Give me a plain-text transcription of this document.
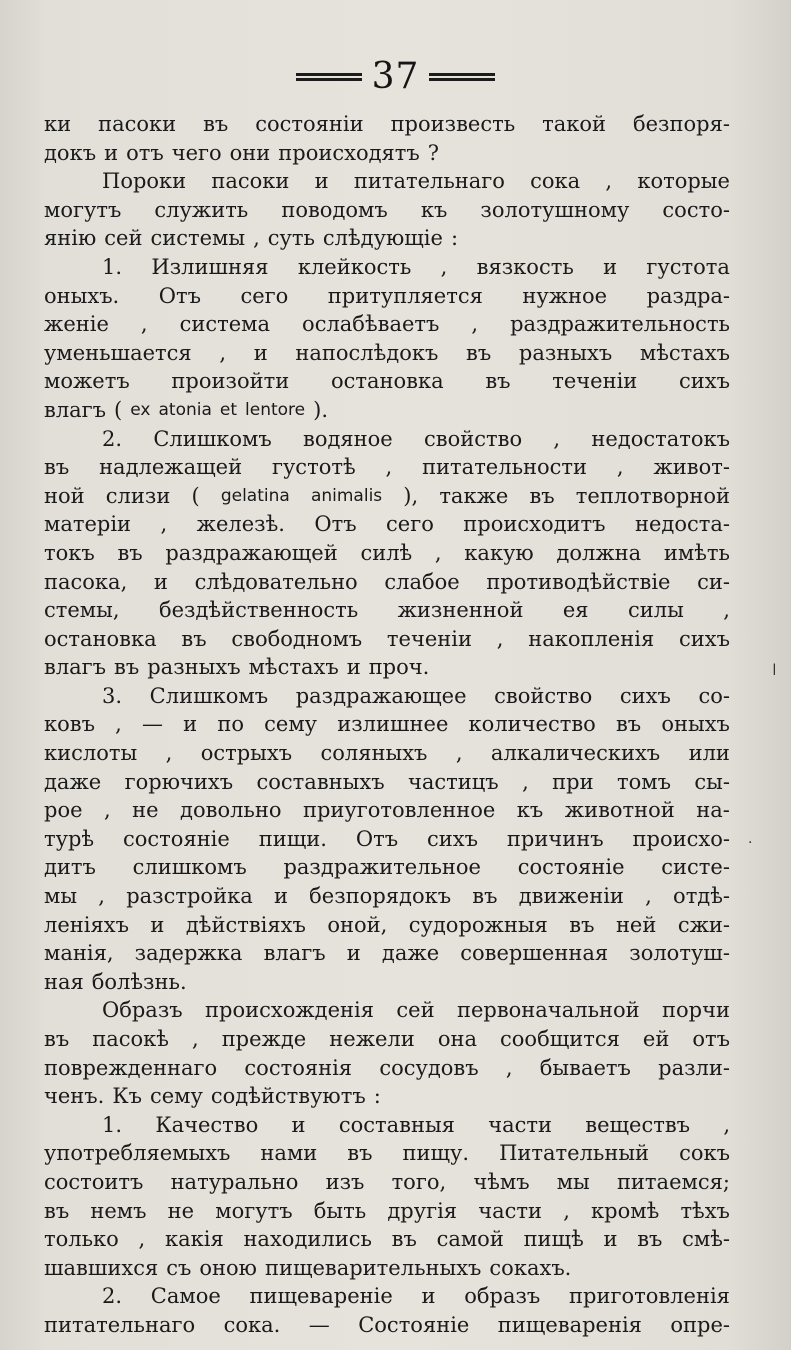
37
ки пасоки въ состоянiи произвесть такой безпоря-
докъ и отъ чего они происходятъ ?
Пороки пасоки и питательнаго сока , которые
могутъ служить поводомъ къ золотушному состо-
янiю сей системы , суть слѣдующiе :
1. Излишняя клейкость , вязкость и густота
оныхъ. Отъ сего притупляется нужное раздра-
женiе , система ослабѣваетъ , раздражительность
уменьшается , и напослѣдокъ въ разныхъ мѣстахъ
можетъ произойти остановка въ теченiи сихъ
влагъ ( ex atonia et lentore ).
2. Слишкомъ водяное свойство , недостатокъ
въ надлежащей густотѣ , питательности , живот-
ной слизи ( gelatina animalis ), также въ теплотворной
матерiи , железѣ. Отъ сего происходитъ недоста-
токъ въ раздражающей силѣ , какую должна имѣть
пасока, и слѣдовательно слабое противодѣйствiе си-
стемы, бездѣйственность жизненной ея силы ,
остановка въ свободномъ теченiи , накопленiя сихъ
влагъ въ разныхъ мѣстахъ и проч.
3. Слишкомъ раздражающее свойство сихъ со-
ковъ , — и по сему излишнее количество въ оныхъ
кислоты , острыхъ соляныхъ , алкалическихъ или
даже горючихъ составныхъ частицъ , при томъ сы-
рое , не довольно приуготовленное къ животной на-
турѣ состоянiе пищи. Отъ сихъ причинъ происхо-
дитъ слишкомъ раздражительное состоянiе систе-
мы , разстройка и безпорядокъ въ движенiи , отдѣ-
ленiяхъ и дѣйствiяхъ оной, судорожныя въ ней сжи-
манiя, задержка влагъ и даже совершенная золотуш-
ная болѣзнь.
Образъ происхожденiя сей первоначальной порчи
въ пасокѣ , прежде нежели она сообщится ей отъ
поврежденнаго состоянiя сосудовъ , бываетъ разли-
ченъ. Къ сему содѣйствуютъ :
1. Качество и составныя части веществъ ,
употребляемыхъ нами въ пищу. Питательный сокъ
состоитъ натурально изъ того, чѣмъ мы питаемся;
въ немъ не могутъ быть другiя части , кромѣ тѣхъ
только , какiя находились въ самой пищѣ и въ смѣ-
шавшихся съ оною пищеварительныхъ сокахъ.
2. Самое пищеваренiе и образъ приготовленiя
питательнаго сока. — Состоянiе пищеваренiя опре-
ǀ
·
